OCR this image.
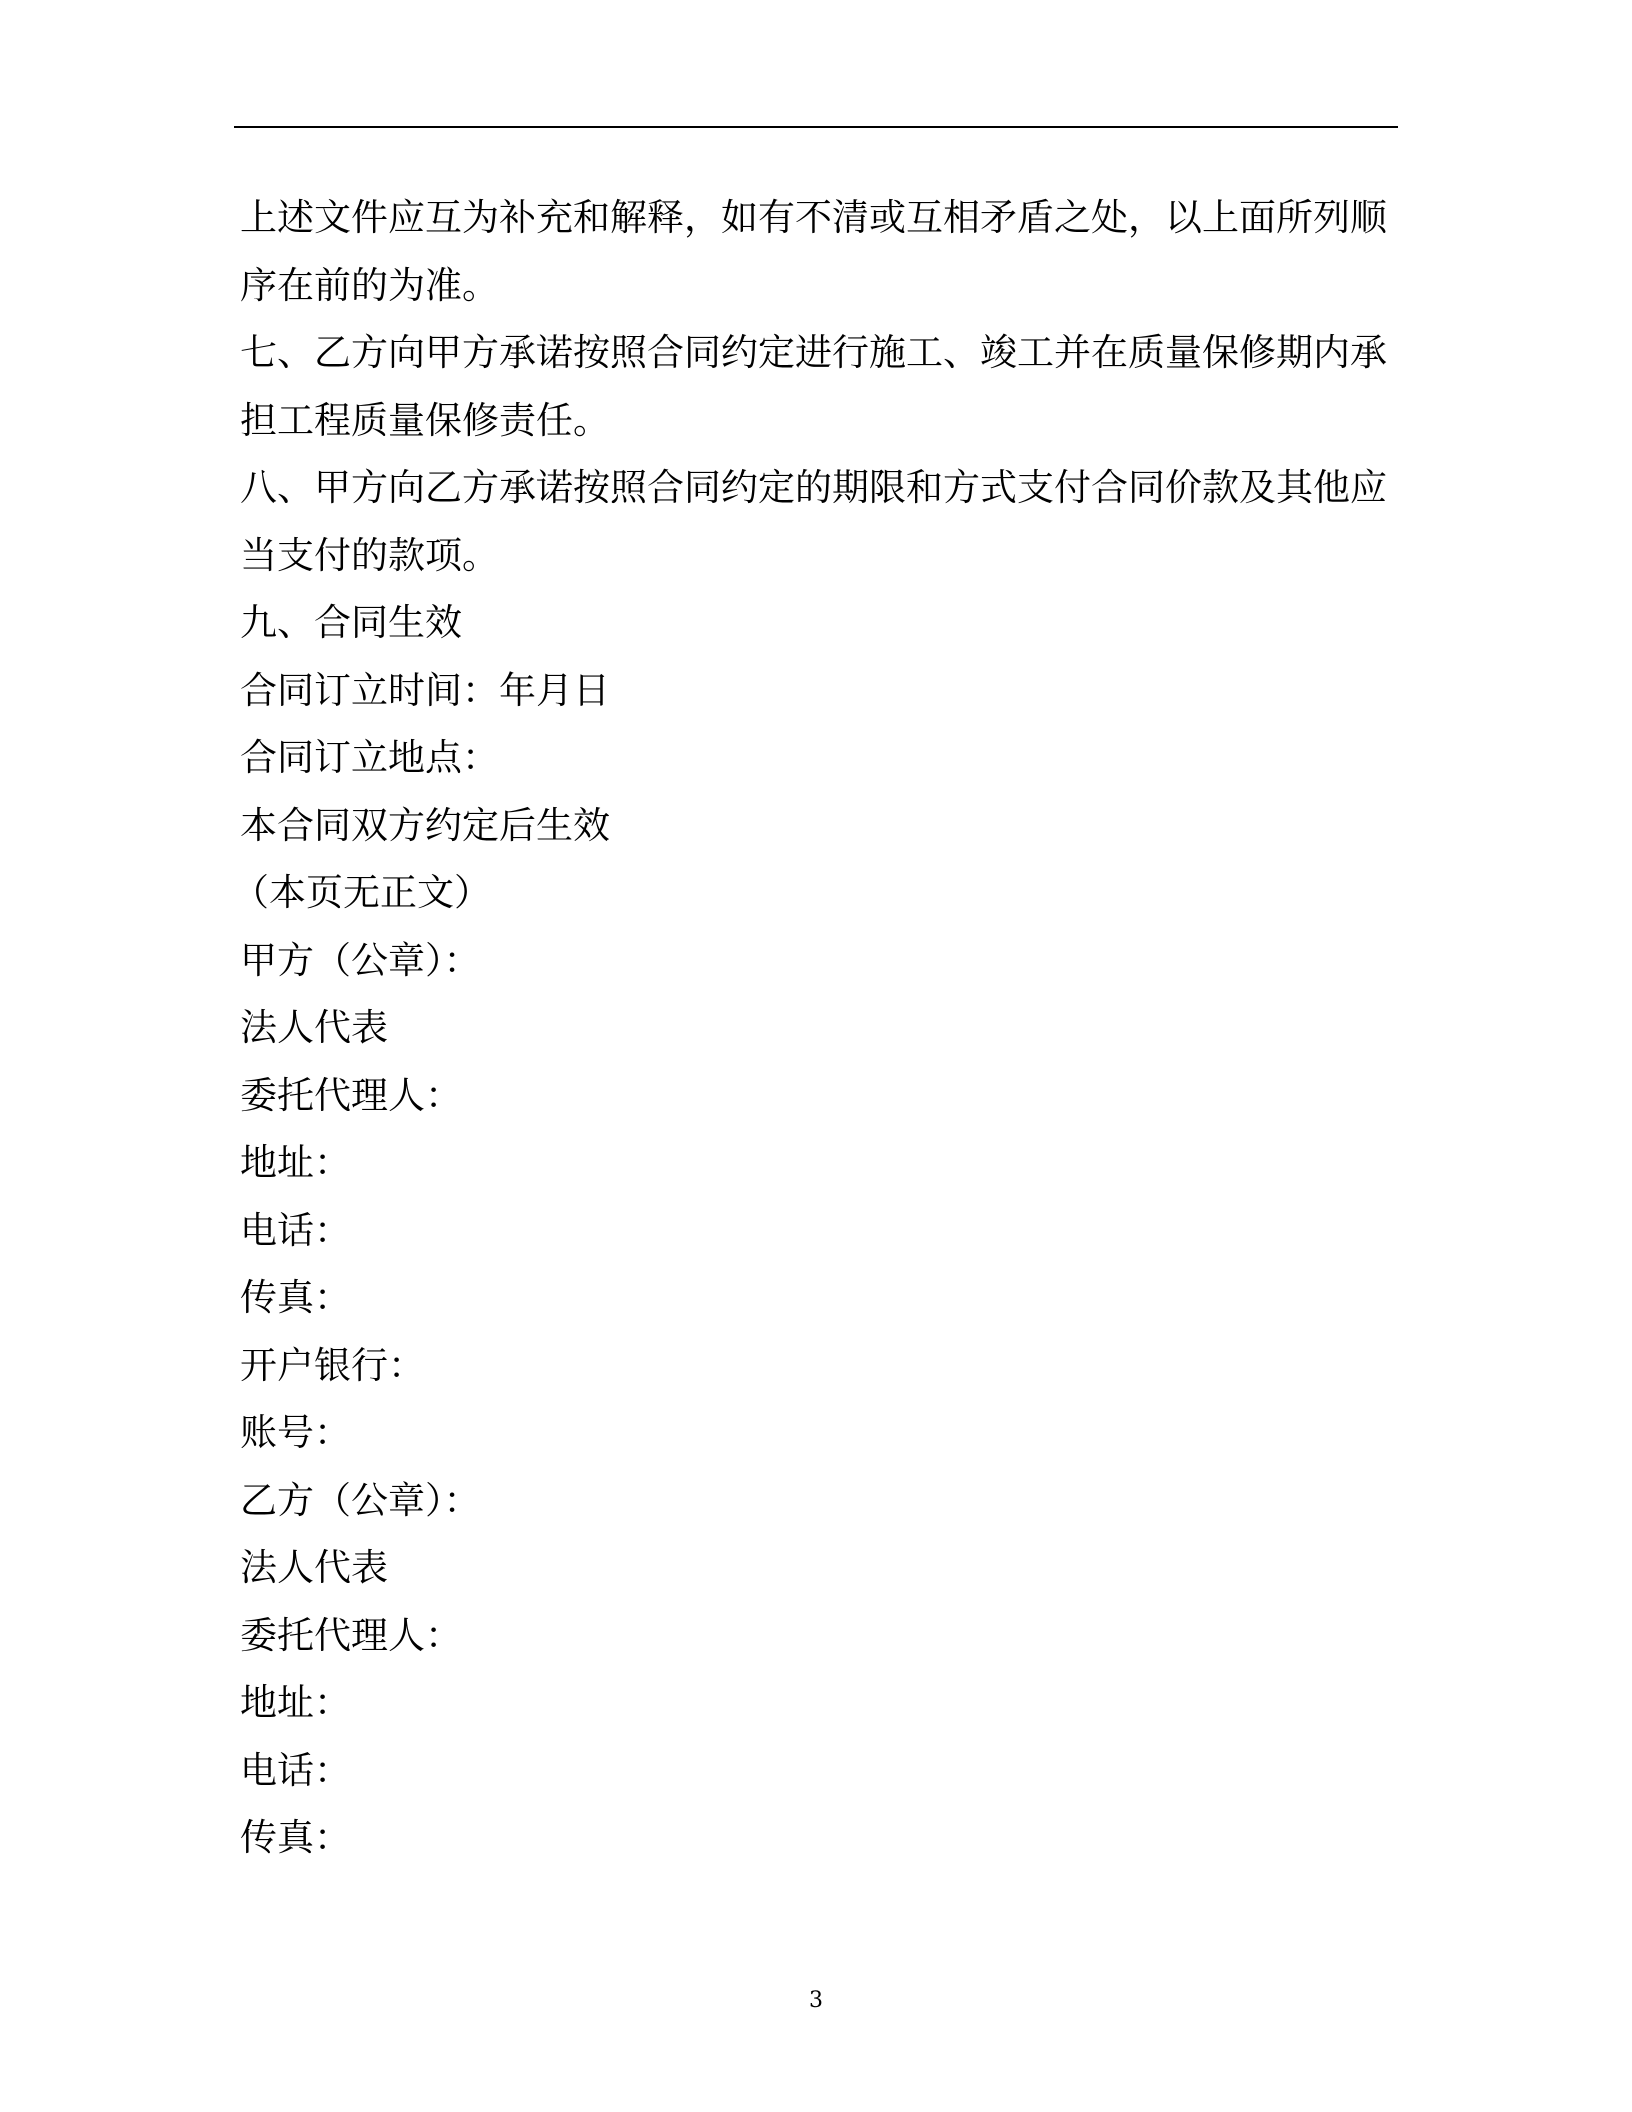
上述文件应互为补充和解释，如有不清或互相矛盾之处，以上面所列顺
序在前的为准。
七、乙方向甲方承诺按照合同约定进行施工、竣工并在质量保修期内承
担工程质量保修责任。
八、甲方向乙方承诺按照合同约定的期限和方式支付合同价款及其他应
当支付的款项。
九、合同生效
合同订立时间：年月日
合同订立地点：
本合同双方约定后生效
（本页无正文）
甲方（公章）：
法人代表
委托代理人：
地址：
电话：
传真：
开户银行：
账号：
乙方（公章）：
法人代表
委托代理人：
地址：
电话：
传真：
3
